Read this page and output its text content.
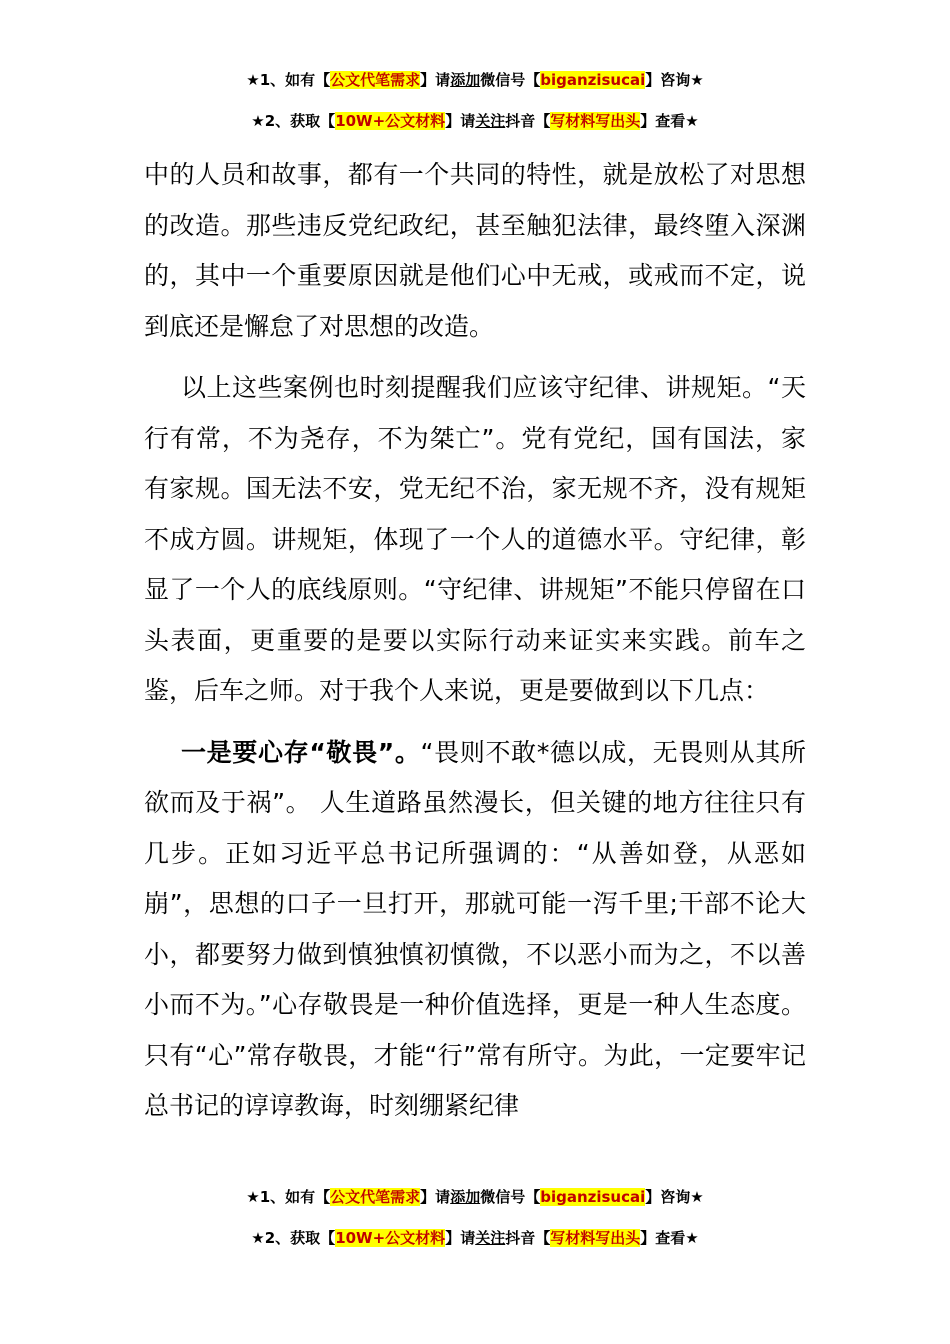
★1、如有【公文代笔需求】请添加微信号【biganzisucai】咨询★
★2、获取【10W+公文材料】请关注抖音【写材料写出头】查看★

中的人员和故事，都有一个共同的特性，就是放松了对思想的改造。那些违反党纪政纪，甚至触犯法律，最终堕入深渊的，其中一个重要原因就是他们心中无戒，或戒而不定，说到底还是懈怠了对思想的改造。

以上这些案例也时刻提醒我们应该守纪律、讲规矩。“天行有常，不为尧存，不为桀亡”。党有党纪，国有国法，家有家规。国无法不安，党无纪不治，家无规不齐，没有规矩不成方圆。讲规矩，体现了一个人的道德水平。守纪律，彰显了一个人的底线原则。“守纪律、讲规矩”不能只停留在口头表面，更重要的是要以实际行动来证实来实践。前车之鉴，后车之师。对于我个人来说，更是要做到以下几点：

一是要心存“敬畏”。“畏则不敢*德以成，无畏则从其所欲而及于祸”。 人生道路虽然漫长，但关键的地方往往只有几步。正如习近平总书记所强调的：“从善如登，从恶如崩”，思想的口子一旦打开，那就可能一泻千里;干部不论大小，都要努力做到慎独慎初慎微，不以恶小而为之，不以善小而不为。”心存敬畏是一种价值选择，更是一种人生态度。只有“心”常存敬畏，才能“行”常有所守。为此，一定要牢记总书记的谆谆教诲，时刻绷紧纪律

★1、如有【公文代笔需求】请添加微信号【biganzisucai】咨询★
★2、获取【10W+公文材料】请关注抖音【写材料写出头】查看★
